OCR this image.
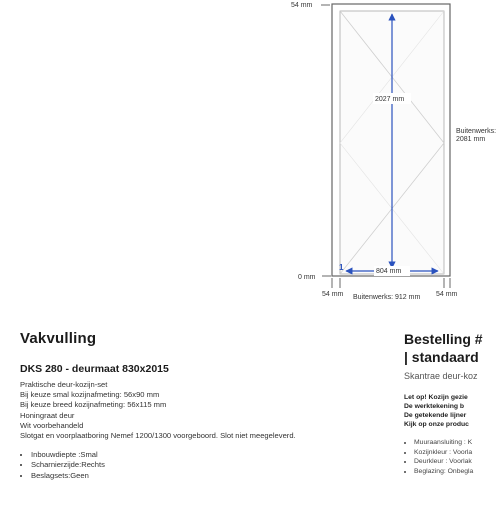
54 mm
2027 mm
Buitenwerks:
2081 mm
0 mm
1	804 mm
54 mm Buitenwerks: 912 mm 54 mm
Vakvulling
DKS 280 - deurmaat 830x2015
Praktische deur-kozijn-set
Bij keuze smal kozijnafmeting: 56x90 mm
Bij keuze breed kozijnafmeting: 56x115 mm
Honingraat deur
Wit voorbehandeld
Slotgat en voorplaatboring Nemef 1200/1300 voorgeboord. Slot niet meegeleverd.
• Inbouwdiepte :Smal
• Scharnierzijde:Rechts
• Beslagsets:Geen
Bestelling #
| standaard
Skantrae deur-koz
Let op! Kozijn gezie
De werktekening b
De getekende lijner
Kijk op onze produc
• Muuraansluiting : K
• Kozijnkleur : Voorla
• Deurkleur : Voorlak
• Beglazing: Onbegla
